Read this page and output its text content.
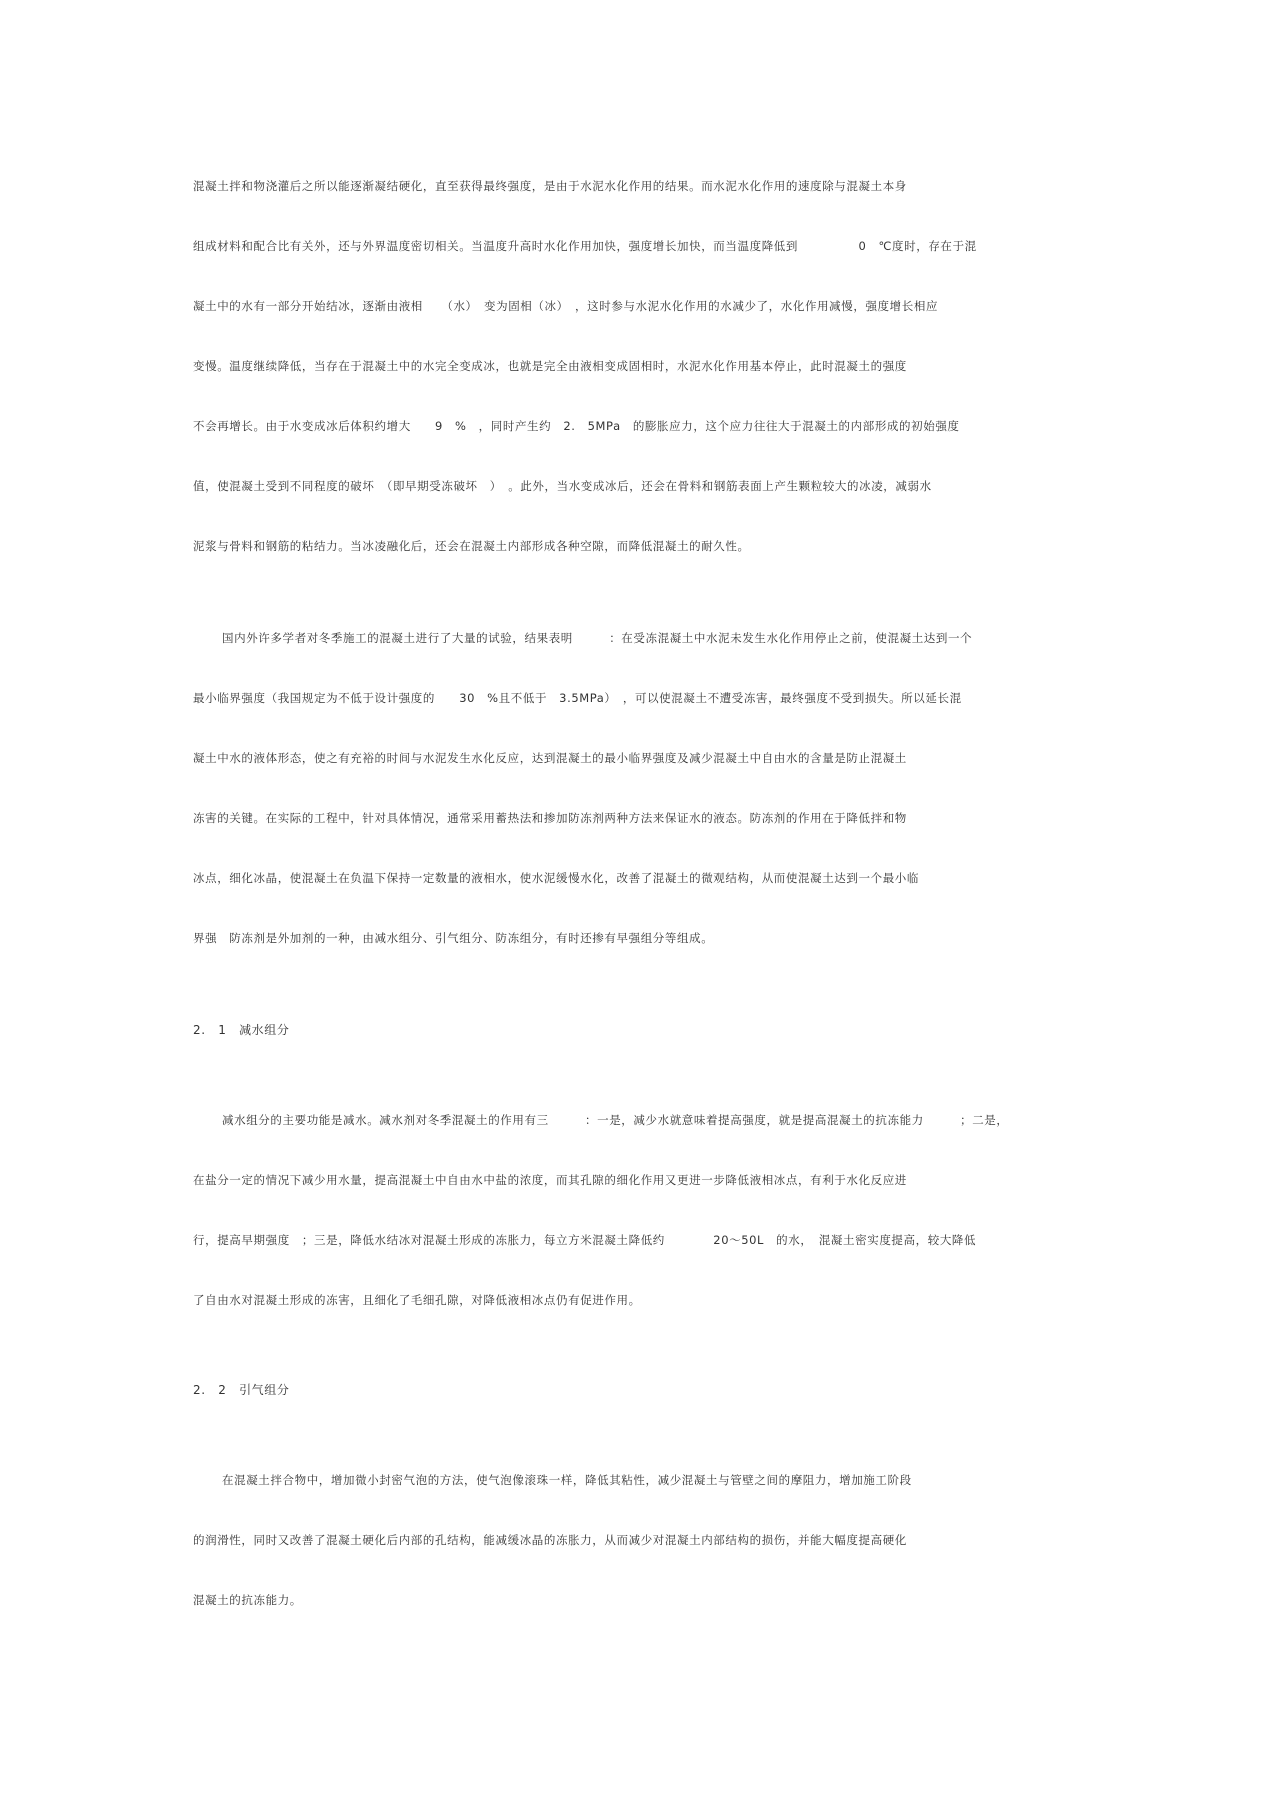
混凝土拌和物浇灌后之所以能逐渐凝结硬化，直至获得最终强度，是由于水泥水化作用的结果。而水泥水化作用的速度除与混凝土本身
组成材料和配合比有关外，还与外界温度密切相关。当温度升高时水化作用加快，强度增长加快，而当温度降低到　　　　　0　℃度时，存在于混
凝土中的水有一部分开始结冰，逐渐由液相　　（水）　变为固相（冰）　，这时参与水泥水化作用的水减少了，水化作用减慢，强度增长相应
变慢。温度继续降低，当存在于混凝土中的水完全变成冰，也就是完全由液相变成固相时，水泥水化作用基本停止，此时混凝土的强度
不会再增长。由于水变成冰后体积约增大　　9　%　，同时产生约　2.　5MPa　的膨胀应力，这个应力往往大于混凝土的内部形成的初始强度
值，使混凝土受到不同程度的破坏　（即早期受冻破坏　）　。此外，当水变成冰后，还会在骨料和钢筋表面上产生颗粒较大的冰凌，减弱水
泥浆与骨料和钢筋的粘结力。当冰凌融化后，还会在混凝土内部形成各种空隙，而降低混凝土的耐久性。
国内外许多学者对冬季施工的混凝土进行了大量的试验，结果表明　　　：在受冻混凝土中水泥未发生水化作用停止之前，使混凝土达到一个
最小临界强度（我国规定为不低于设计强度的　　30　%且不低于　3.5MPa）　，可以使混凝土不遭受冻害，最终强度不受到损失。所以延长混
凝土中水的液体形态，使之有充裕的时间与水泥发生水化反应，达到混凝土的最小临界强度及减少混凝土中自由水的含量是防止混凝土
冻害的关键。在实际的工程中，针对具体情况，通常采用蓄热法和掺加防冻剂两种方法来保证水的液态。防冻剂的作用在于降低拌和物
冰点，细化冰晶，使混凝土在负温下保持一定数量的液相水，使水泥缓慢水化，改善了混凝土的微观结构，从而使混凝土达到一个最小临
界强　防冻剂是外加剂的一种，由减水组分、引气组分、防冻组分，有时还掺有早强组分等组成。
2.　1　减水组分
减水组分的主要功能是减水。减水剂对冬季混凝土的作用有三　　　：一是，减少水就意味着提高强度，就是提高混凝土的抗冻能力　　　；二是，
在盐分一定的情况下减少用水量，提高混凝土中自由水中盐的浓度，而其孔隙的细化作用又更进一步降低液相冰点，有利于水化反应进
行，提高早期强度　；三是，降低水结冰对混凝土形成的冻胀力，每立方米混凝土降低约　　　　20～50L　的水，　混凝土密实度提高，较大降低
了自由水对混凝土形成的冻害，且细化了毛细孔隙，对降低液相冰点仍有促进作用。
2.　2　引气组分
在混凝土拌合物中，增加微小封密气泡的方法，使气泡像滚珠一样，降低其粘性，减少混凝土与管壁之间的摩阻力，增加施工阶段
的润滑性，同时又改善了混凝土硬化后内部的孔结构，能减缓冰晶的冻胀力，从而减少对混凝土内部结构的损伤，并能大幅度提高硬化
混凝土的抗冻能力。
